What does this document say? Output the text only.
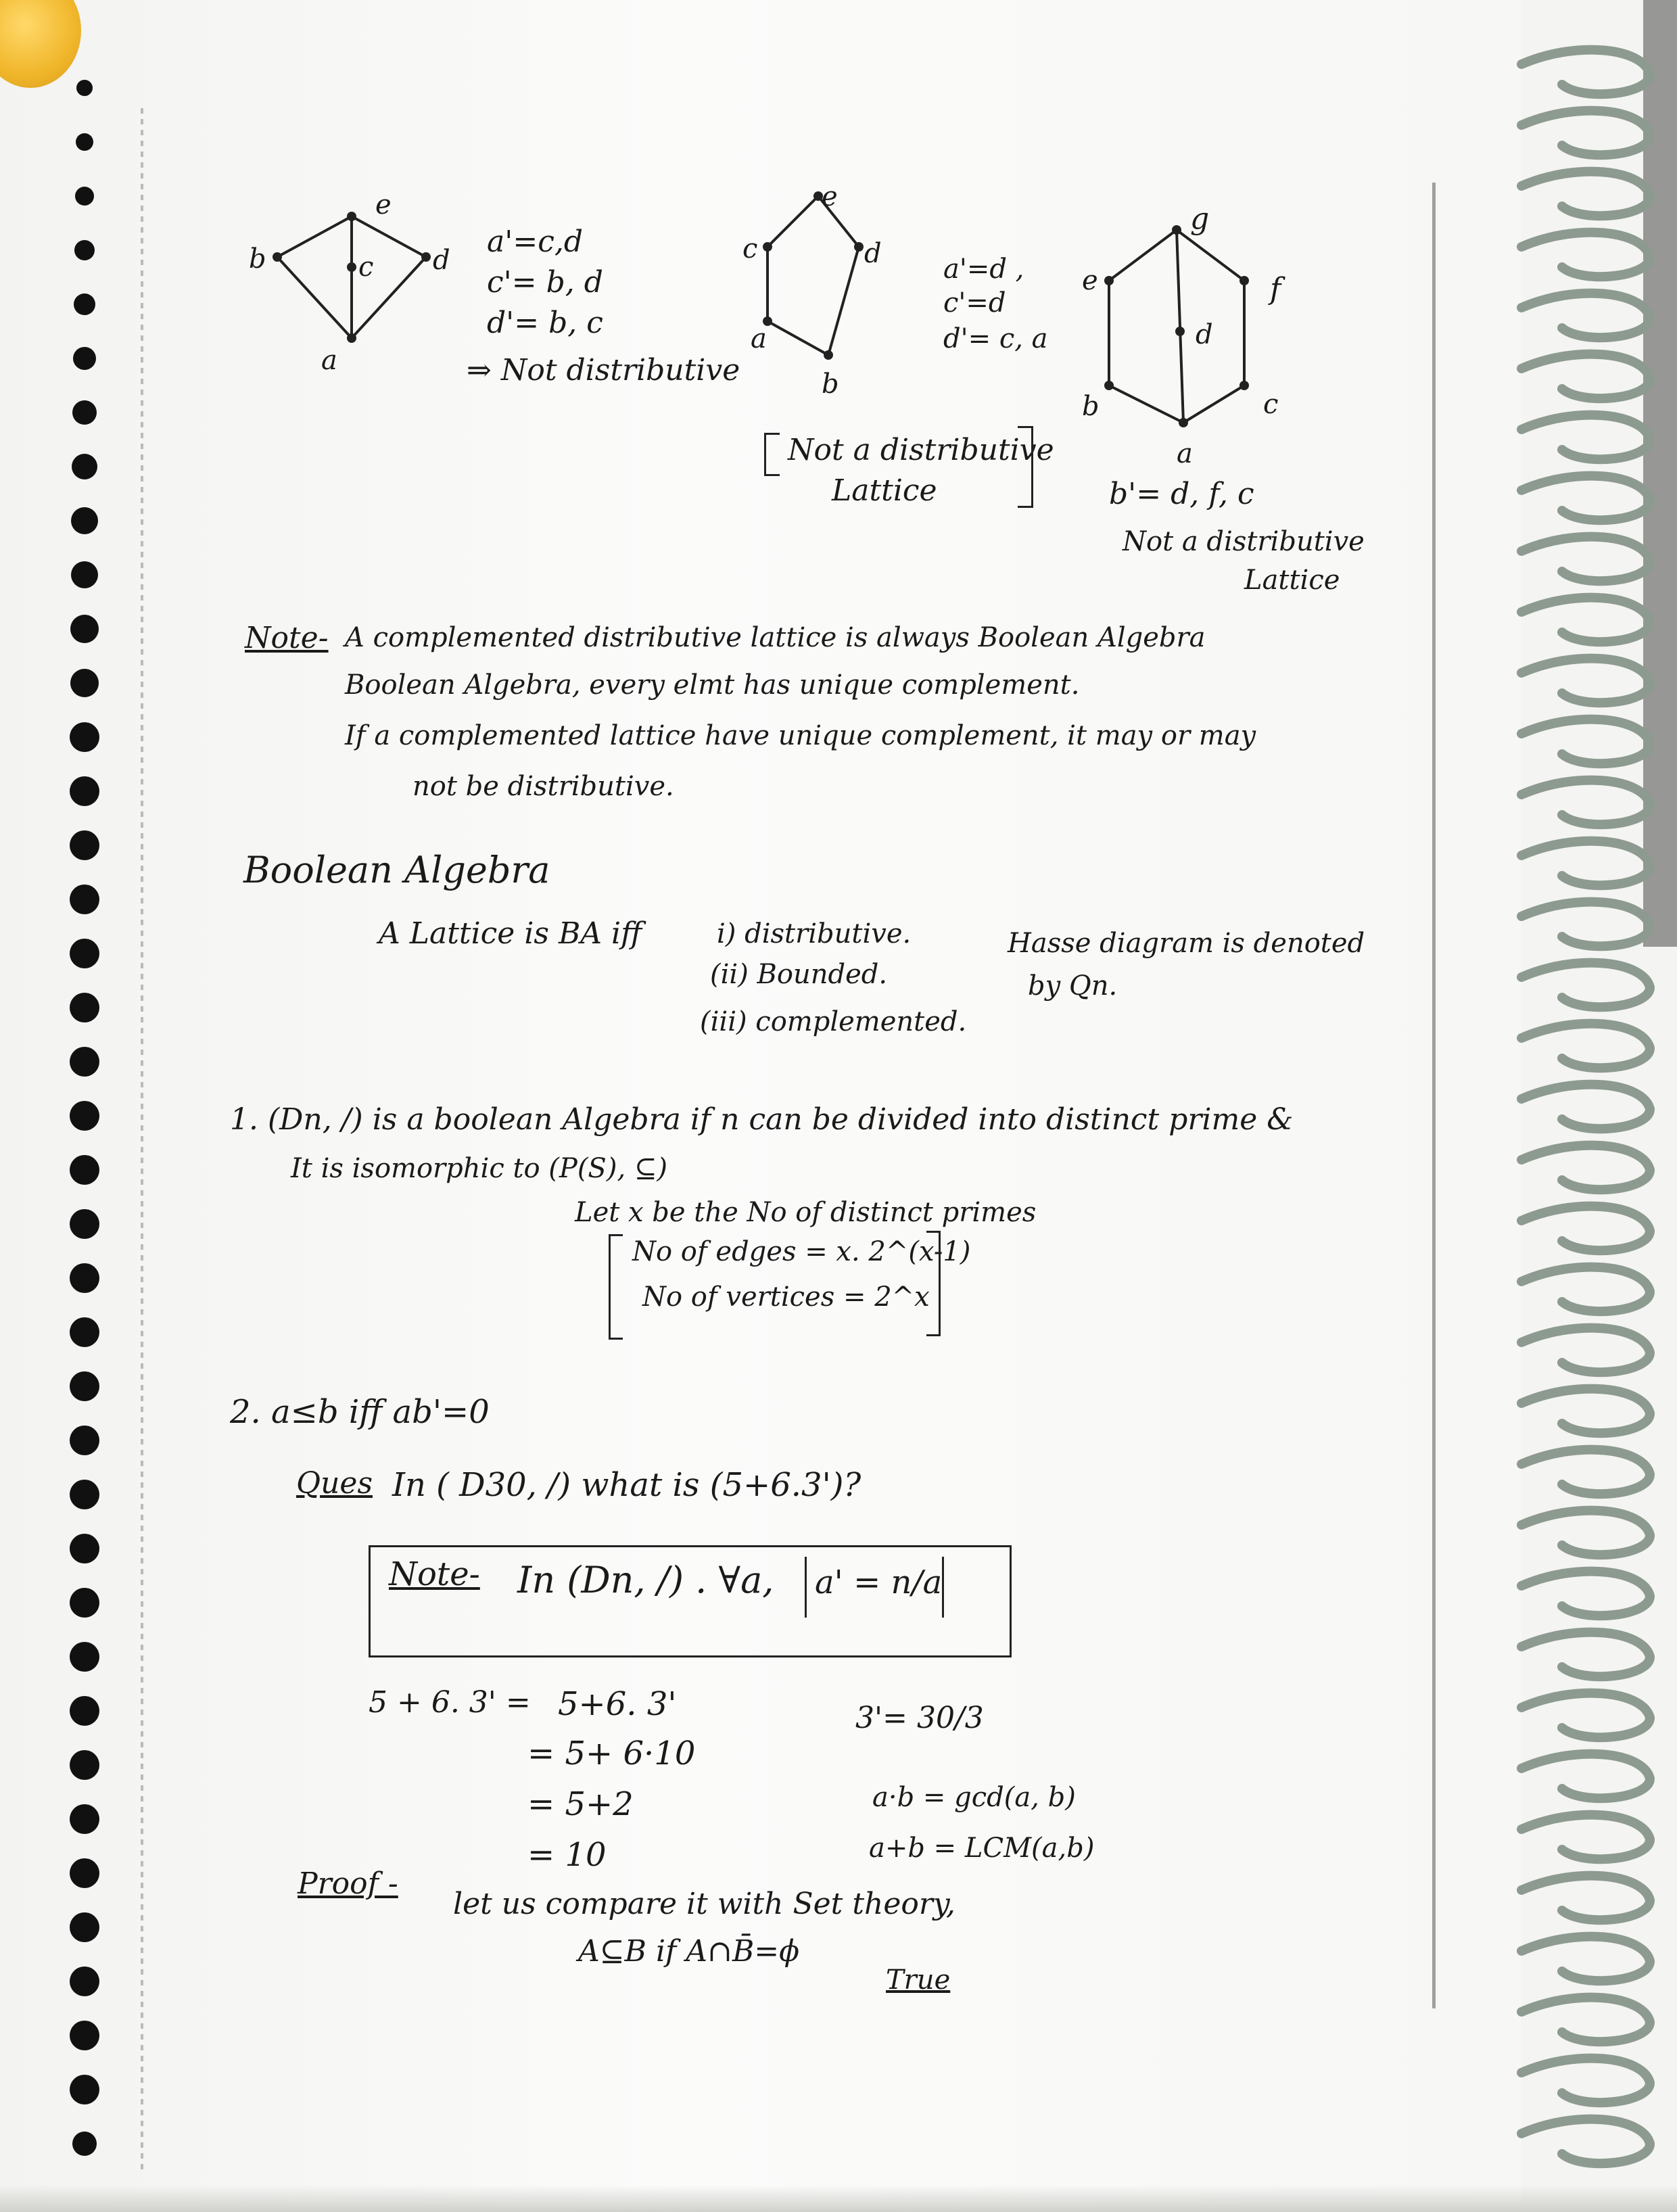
e
b	c d
a
a'=c,d
c'= b, d
d'= b, c
⇒ Not distributive
e
c	d
a
b
a'=d ,
c'=d
d'= c, a
Not a distributive
Lattice
g
e	f
d
b	c
a
b'= d, f, c
Not a distributive
Lattice
Note- A complemented distributive lattice is always Boolean Algebra
Boolean Algebra, every elmt has unique complement.
If a complemented lattice have unique complement, it may or may
not be distributive.
Boolean Algebra
A Lattice is BA iff	i) distributive.
(ii) Bounded.
(iii) complemented.
Hasse diagram is denoted
by Qn.
1. (Dn, /) is a boolean Algebra if n can be divided into distinct prime &
It is isomorphic to (P(S), ⊆)
Let x be the No of distinct primes
No of edges = x. 2^(x-1)
No of vertices = 2^x
2. a≤b iff ab'=0
Ques In ( D30, /) what is (5+6.3')?
Note- In (Dn, /) . ∀a, a' = n/a
5 + 6. 3' = 5+6. 3'
= 5+ 6·10
= 5+2
= 10
3'= 30/3
a·b = gcd(a, b)
a+b = LCM(a,b)
Proof -
let us compare it with Set theory,
A⊆B if A∩B̄=ϕ
True
